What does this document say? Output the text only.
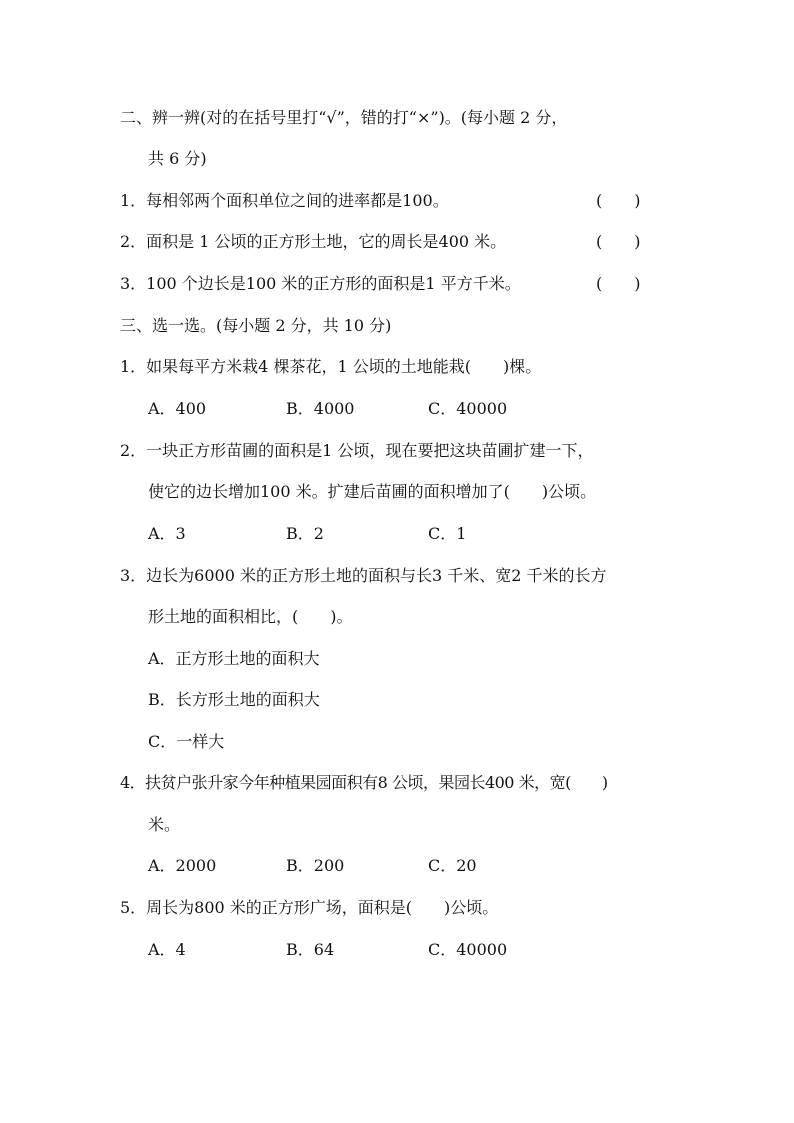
二、辨一辨(对的在括号里打“√”，错的打“×”)。(每小题 2 分，
共 6 分)
1．每相邻两个面积单位之间的进率都是100。	(　　)
2．面积是 1 公顷的正方形土地，它的周长是400 米。	(　　)
3．100 个边长是100 米的正方形的面积是1 平方千米。	(　　)
三、选一选。(每小题 2 分，共 10 分)
1．如果每平方米栽4 棵茶花，1 公顷的土地能栽(　　)棵。
A．400	B．4000	C．40000
2．一块正方形苗圃的面积是1 公顷，现在要把这块苗圃扩建一下，
使它的边长增加100 米。扩建后苗圃的面积增加了(　　)公顷。
A．3	B．2	C．1
3．边长为6000 米的正方形土地的面积与长3 千米、宽2 千米的长方
形土地的面积相比，(　　)。
A．正方形土地的面积大
B．长方形土地的面积大
C．一样大
4．扶贫户张升家今年种植果园面积有8 公顷，果园长400 米，宽(　　)
米。
A．2000	B．200	C．20
5．周长为800 米的正方形广场，面积是(　　)公顷。
A．4	B．64	C．40000
